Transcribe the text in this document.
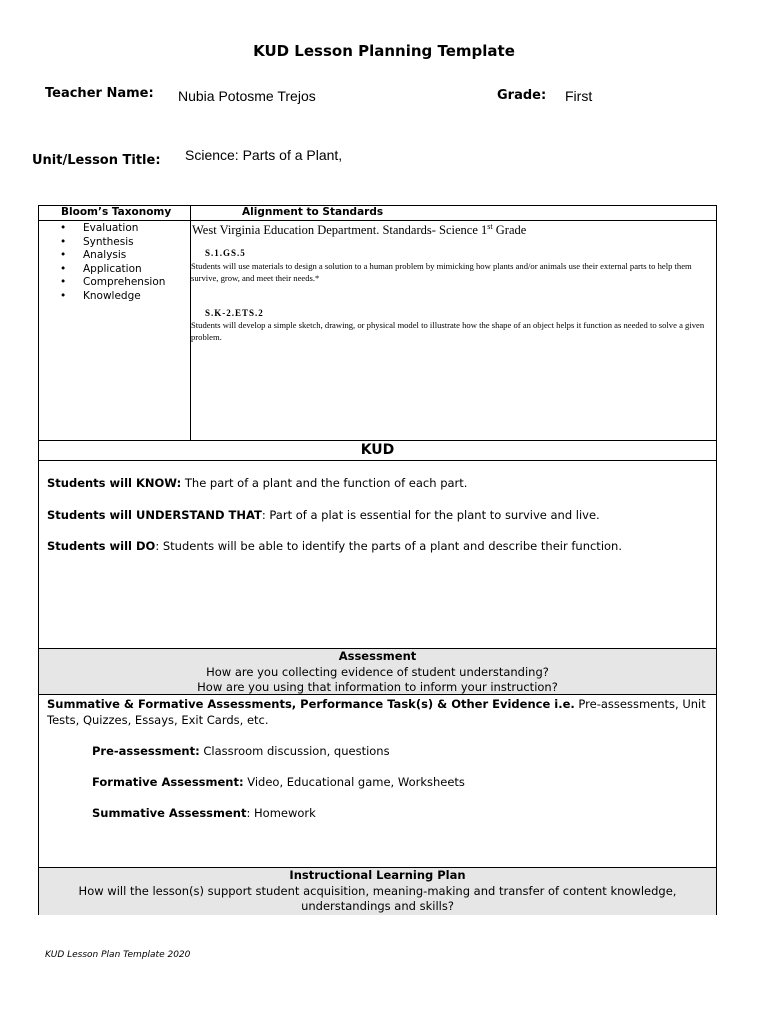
KUD Lesson Planning Template
Teacher Name: Nubia Potosme Trejos	Grade: First
Unit/Lesson Title: Science: Parts of a Plant,
Bloom’s Taxonomy	Alignment to Standards
• Evaluation
• Synthesis
• Analysis
• Application
• Comprehension
• Knowledge
West Virginia Education Department. Standards- Science 1st Grade
S.1.GS.5
Students will use materials to design a solution to a human problem by mimicking how plants and/or animals use their external parts to help them survive, grow, and meet their needs.*
S.K-2.ETS.2
Students will develop a simple sketch, drawing, or physical model to illustrate how the shape of an object helps it function as needed to solve a given problem.
KUD
Students will KNOW: The part of a plant and the function of each part.
Students will UNDERSTAND THAT: Part of a plat is essential for the plant to survive and live.
Students will DO: Students will be able to identify the parts of a plant and describe their function.
Assessment
How are you collecting evidence of student understanding?
How are you using that information to inform your instruction?
Summative & Formative Assessments, Performance Task(s) & Other Evidence i.e. Pre-assessments, Unit
Tests, Quizzes, Essays, Exit Cards, etc.
Pre-assessment: Classroom discussion, questions
Formative Assessment: Video, Educational game, Worksheets
Summative Assessment: Homework
Instructional Learning Plan
How will the lesson(s) support student acquisition, meaning-making and transfer of content knowledge,
understandings and skills?
KUD Lesson Plan Template 2020
